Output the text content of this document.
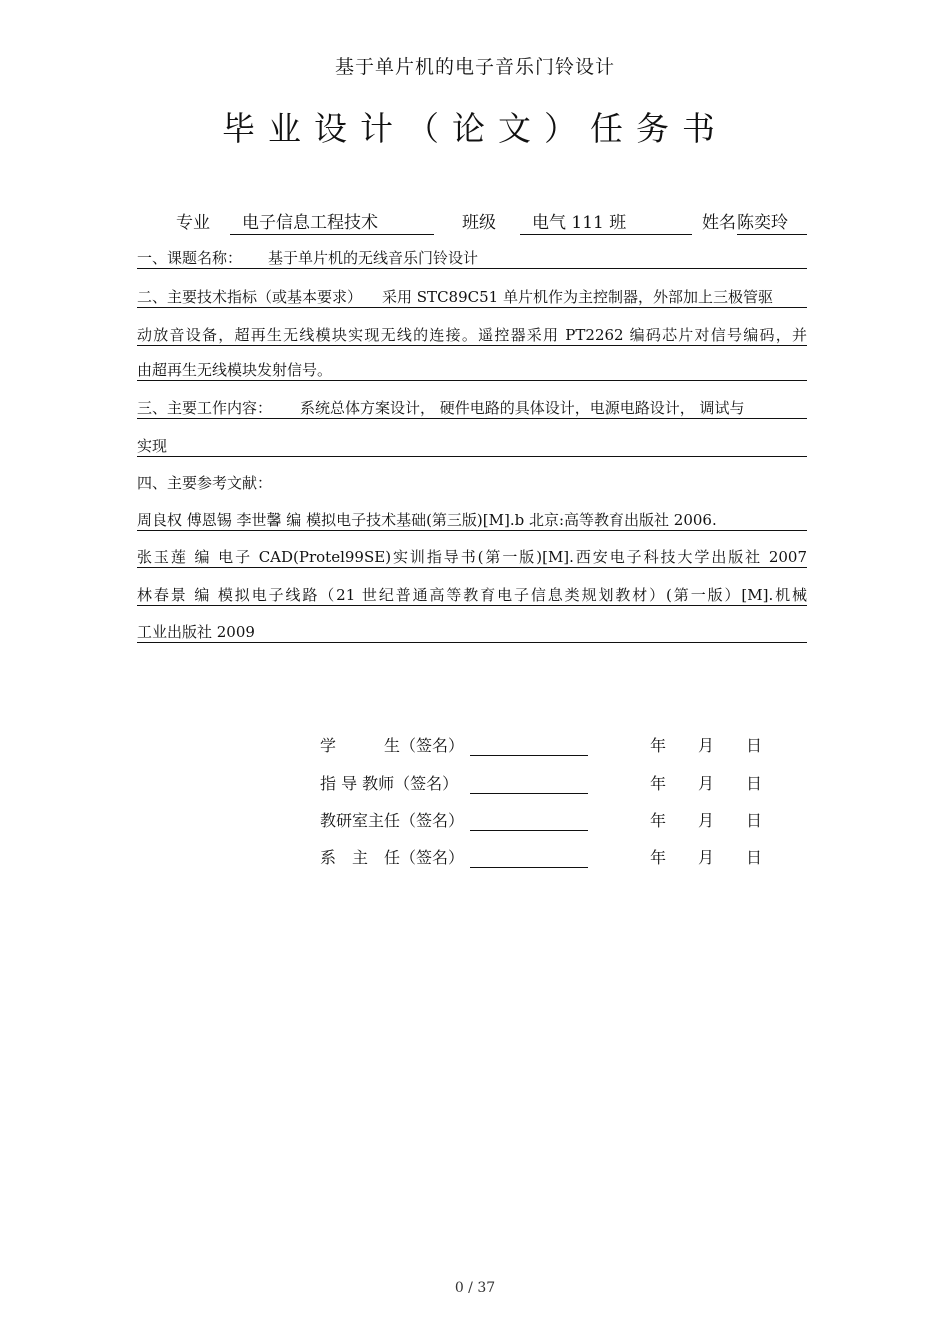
基于单片机的电子音乐门铃设计
毕业设计（论文）任务书
专业	电子信息工程技术	班级	电气 111 班	姓名 陈奕玲
一、课题名称： 基于单片机的无线音乐门铃设计
二、主要技术指标（或基本要求） 采用 STC89C51 单片机作为主控制器，外部加上三极管驱
动放音设备，超再生无线模块实现无线的连接。遥控器采用 PT2262 编码芯片对信号编码，并
由超再生无线模块发射信号。
三、主要工作内容： 系统总体方案设计， 硬件电路的具体设计，电源电路设计， 调试与
实现
四、主要参考文献：
周良权 傅恩锡 李世馨 编 模拟电子技术基础(第三版)[M].b 北京:高等教育出版社 2006.
张玉莲 编 电子 CAD(Protel99SE)实训指导书(第一版)[M].西安电子科技大学出版社 2007
林春景 编 模拟电子线路（21 世纪普通高等教育电子信息类规划教材）(第一版）[M].机械
工业出版社 2009
学　　　生（签名）	年　　月　　日
指 导 教师（签名）	年　　月　　日
教研室主任（签名）	年　　月　　日
系　主　任（签名）	年　　月　　日
0 / 37
